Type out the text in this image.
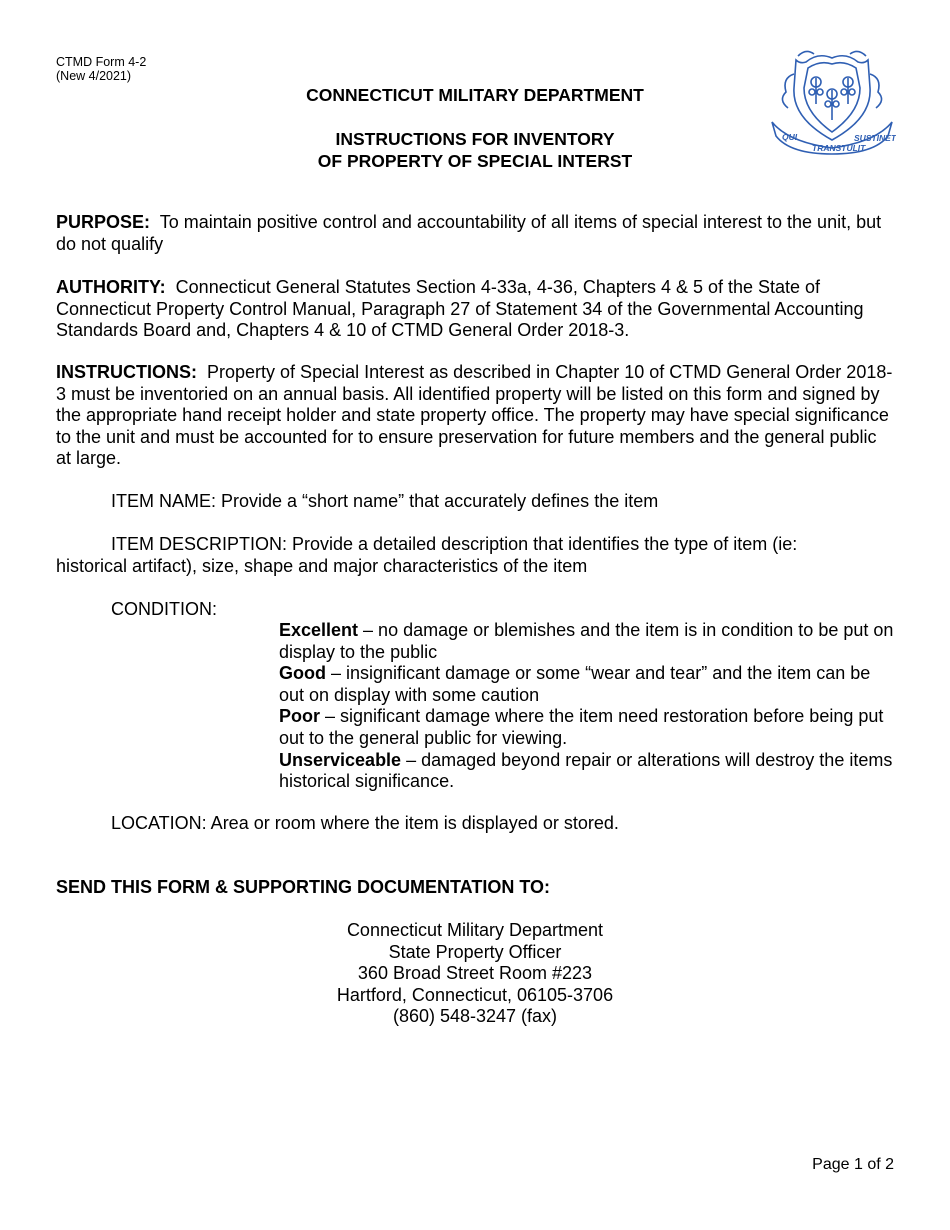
CTMD Form 4-2
(New 4/2021)
CONNECTICUT MILITARY DEPARTMENT
INSTRUCTIONS FOR INVENTORY
OF PROPERTY OF SPECIAL INTERST
QUI
TRANSTULIT
SUSTINET
PURPOSE: To maintain positive control and accountability of all items of special interest to the unit, but do not qualify
AUTHORITY: Connecticut General Statutes Section 4-33a, 4-36, Chapters 4 & 5 of the State of Connecticut Property Control Manual, Paragraph 27 of Statement 34 of the Governmental Accounting Standards Board and, Chapters 4 & 10 of CTMD General Order 2018-3.
INSTRUCTIONS: Property of Special Interest as described in Chapter 10 of CTMD General Order 2018-3 must be inventoried on an annual basis. All identified property will be listed on this form and signed by the appropriate hand receipt holder and state property office. The property may have special significance to the unit and must be accounted for to ensure preservation for future members and the general public at large.
ITEM NAME: Provide a “short name” that accurately defines the item
ITEM DESCRIPTION: Provide a detailed description that identifies the type of item (ie:
historical artifact), size, shape and major characteristics of the item
CONDITION:
Excellent – no damage or blemishes and the item is in condition to be put on display to the public
Good – insignificant damage or some “wear and tear” and the item can be out on display with some caution
Poor – significant damage where the item need restoration before being put out to the general public for viewing.
Unserviceable – damaged beyond repair or alterations will destroy the items historical significance.
LOCATION: Area or room where the item is displayed or stored.
SEND THIS FORM & SUPPORTING DOCUMENTATION TO:
Connecticut Military Department
State Property Officer
360 Broad Street Room #223
Hartford, Connecticut, 06105-3706
(860) 548-3247 (fax)
Page 1 of 2
